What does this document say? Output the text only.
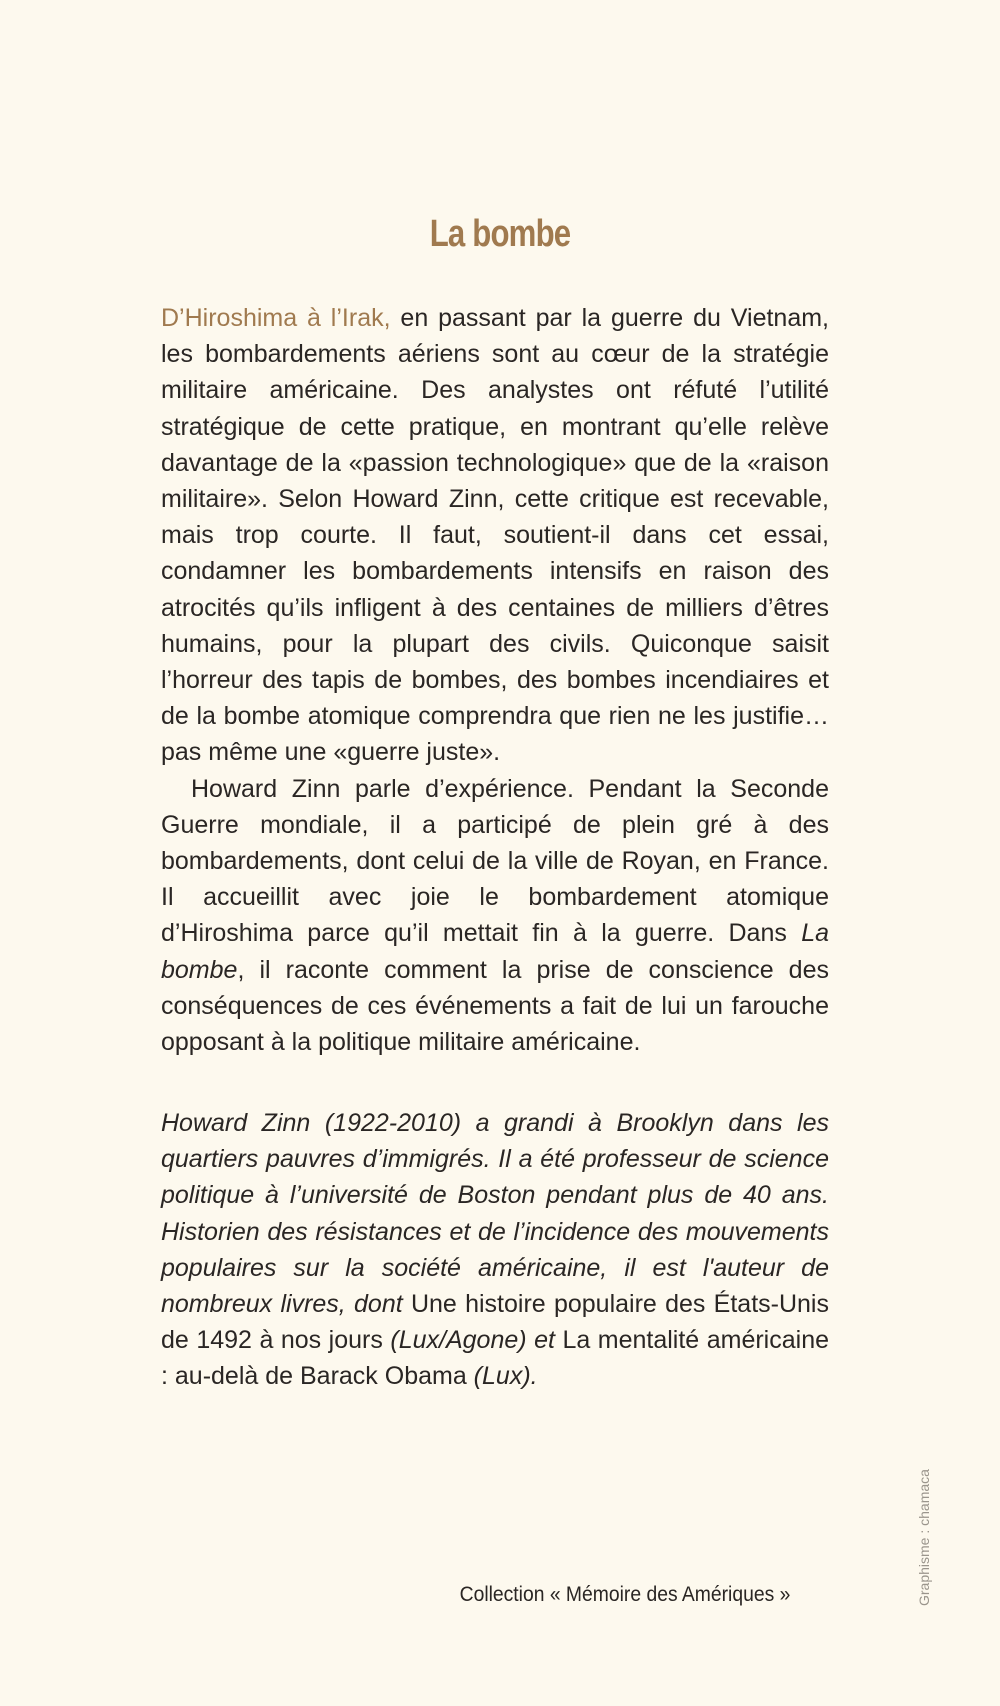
La bombe

D’Hiroshima à l’Irak, en passant par la guerre du Vietnam, les bombardements aériens sont au cœur de la stratégie militaire américaine. Des analystes ont réfuté l’utilité stratégique de cette pratique, en montrant qu’elle relève davantage de la «passion technologique» que de la «raison militaire». Selon Howard Zinn, cette critique est recevable, mais trop courte. Il faut, soutient-il dans cet essai, condamner les bombardements intensifs en raison des atrocités qu’ils infligent à des centaines de milliers d’êtres humains, pour la plupart des civils. Quiconque saisit l’horreur des tapis de bombes, des bombes incendiaires et de la bombe atomique comprendra que rien ne les justifie… pas même une «guerre juste».

Howard Zinn parle d’expérience. Pendant la Seconde Guerre mondiale, il a participé de plein gré à des bombardements, dont celui de la ville de Royan, en France. Il accueillit avec joie le bombardement atomique d’Hiroshima parce qu’il mettait fin à la guerre. Dans La bombe, il raconte comment la prise de conscience des conséquences de ces événements a fait de lui un farouche opposant à la politique militaire américaine.

Howard Zinn (1922-2010) a grandi à Brooklyn dans les quartiers pauvres d’immigrés. Il a été professeur de science politique à l’université de Boston pendant plus de 40 ans. Historien des résistances et de l’incidence des mouvements populaires sur la société américaine, il est l'auteur de nombreux livres, dont Une histoire populaire des États-Unis de 1492 à nos jours (Lux/Agone) et La mentalité américaine : au-delà de Barack Obama (Lux).

Collection « Mémoire des Amériques »	Graphisme : chamaca
